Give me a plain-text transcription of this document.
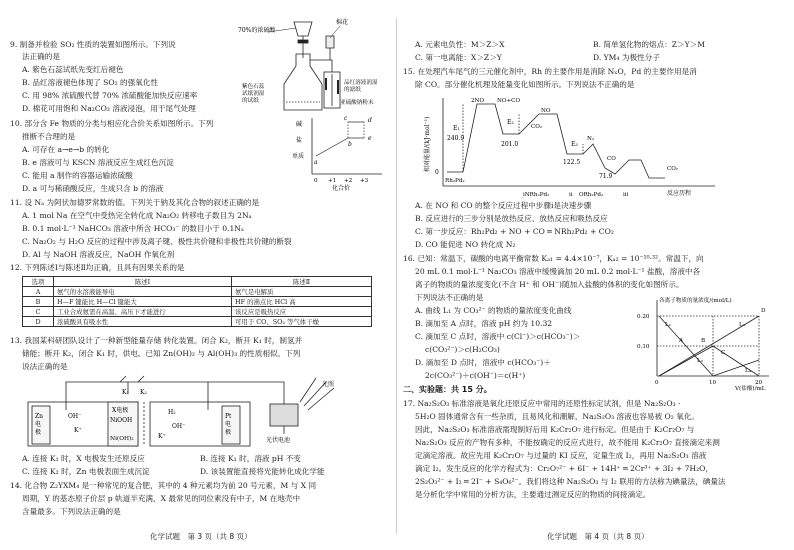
9. 制备并检验 SO₂ 性质的装置如图所示。下列说
法正确的是
A. 紫色石蕊试纸先变红后褪色
B. 品红溶液褪色体现了 SO₂ 的强氧化性
C. 用 98% 浓硫酸代替 70% 浓硫酸能加快反应速率
D. 棉花可用饱和 Na₂CO₃ 溶液浸泡，用于尾气处理
70%的浓硫酸
棉花
紫色石蕊
试纸润湿
的试纸
品红溶液润湿
的滤纸
亚硫酸钠粉末
10. 部分含 Fe 物质的分类与相应化合价关系如图所示。下列
推断不合理的是
A. 可存在 a→e→b 的转化
B. e 溶液可与 KSCN 溶液反应生成红色沉淀
C. 能用 a 制作的容器运输浓硫酸
D. a 可与稀硝酸反应，生成只含 b 的溶液
碱
盐
单质
0 +1 +2 +3
化合价
a
b
c	d
e
11. 设 Nₐ 为阿伏加德罗常数的值。下列关于钠及其化合物的叙述正确的是
A. 1 mol Na 在空气中受热完全转化成 Na₂O₂ 转移电子数目为 2Nₐ
B. 0.1 mol·L⁻¹ NaHCO₃ 溶液中所含 HCO₃⁻ 的数目小于 0.1Nₐ
C. Na₂O₂ 与 H₂O 反应的过程中涉及离子键、极性共价键和非极性共价键的断裂
D. Al 与 NaOH 溶液反应，NaOH 作氧化剂
12. 下列陈述Ⅰ与陈述Ⅱ均正确，且具有因果关系的是
选项	陈述Ⅰ	陈述Ⅱ
A	氨气的水溶液能导电	氨气是电解质
B	H—F 键能比 H—Cl 键能大	HF 的沸点比 HCl 高
C	工业合成氨需在高温、高压下才能进行	该反应是吸热反应
D	浓硫酸具有吸水性	可用于 CO、SO₂ 等气体干燥
13. 我国某科研团队设计了一种新型能量存储 转化装置。闭合 K₂，断开 K₁ 时，制氢并
储能；断开 K₂，闭合 K₁ 时，供电。已知 Zn(OH)₂ 与 Al(OH)₃ 的性质相似。下列
说法正确的是
Zn
电
极
OH⁻
K⁺
X电极
NiOOH
Ni(OH)₂
K₁ K₂
H₂
OH⁻
K⁺
Pt
电
极
光照
光伏电池
A. 连接 K₁ 时，X 电极发生还原反应	B. 连接 K₁ 时，溶液 pH 不变
C. 连接 K₂ 时，Zn 电极表面生成沉淀	D. 该装置能直接将光能转化成化学能
14. 化合物 Z₂YXM₄ 是一种常见的复合肥，其中的 4 种元素均为前 20 号元素，M 与 X 同
周期，Y 的基态原子价层 p 轨道半充满，X 最常见的同位素没有中子，M 在地壳中
含量最多。下列说法正确的是
化学试题　第 3 页（共 8 页）
A. 元素电负性：M＞Z＞X	B. 简单氢化物的熔点：Z＞Y＞M
C. 第一电离能：X＞Z＞Y	D. YM₄ 为极性分子
15. 在处理汽车尾气的三元催化剂中，Rh 的主要作用是消除 NₓO，Pd 的主要作用是消
除 CO。部分催化机理及能量变化如图所示。下列说法不正确的是
相对能量/(kJ·mol⁻¹)
反应历程
E₁
240.9
E₂
201.0	E₃
122.5
71.9
0
Rh₂Pd₂
2NO NO+CO
CO₂
NO
N₂
CO
ⅰNRh₂Pd₂	ⅱ ORh₂Pd₂	ⅲ
CO₂
A. 在 NO 和 CO 的整个反应过程中步骤ⅰ是决速步骤
B. 反应进行的三步分别是放热反应、放热反应和吸热反应
C. 第一步反应：Rh₂Pd₂ + NO + CO ═ NRh₂Pd₂ + CO₂
D. CO 能促进 NO 转化成 N₂
16. 已知：常温下，碳酸的电离平衡常数 Kₐ₁ = 4.4×10⁻⁷，Kₐ₂ = 10⁻¹⁰·³²。常温下，向
20 mL 0.1 mol·L⁻¹ Na₂CO₃ 溶液中缓慢滴加 20 mL 0.2 mol·L⁻¹ 盐酸，溶液中各
离子的物质的量浓度变化(不含 H⁺ 和 OH⁻)随加入盐酸的体积的变化如图所示。
下列说法不正确的是
A. 曲线 L₁ 为 CO₃²⁻ 的物质的量浓度变化曲线
B. 滴加至 A 点时，溶液 pH 约为 10.32
C. 滴加至 C 点时，溶液中 c(Cl⁻)＞c(HCO₃⁻)＞
　 c(CO₃²⁻)＞c(H₂CO₃)
D. 滴加至 D 点时，溶液中 c(HCO₃⁻)＋
　 2c(CO₃²⁻)＋c(OH⁻)＝c(H⁺)
各离子物质的量浓度/(mol/L)
V(盐酸)/mL
0.20
0.10
0	10	20
L₁
L₂
L₃
L₄
A	B
C
D
二、实验题：共 15 分。
17. Na₂S₂O₃ 标准溶液是氧化还原反应中常用的还原性标定试剂，但是 Na₂S₂O₃ ·
5H₂O 固体通常含有一些杂质，且易风化和潮解，Na₂S₂O₃ 溶液也容易被 O₂ 氧化。
因此，Na₂S₂O₃ 标准溶液需现制好后用 K₂Cr₂O₇ 进行标定。但是由于 K₂Cr₂O₇ 与
Na₂S₂O₃ 反应的产物有多种，不能按确定的反应式进行，故不能用 K₂Cr₂O₇ 直接滴定来测
定滴定溶液。故应先用 K₂Cr₂O₇ 与过量的 KI 反应，定量生成 I₂，再用 Na₂S₂O₃ 溶液
滴定 I₂。发生反应的化学方程式为：Cr₂O₇²⁻ + 6I⁻ + 14H⁺ ═ 2Cr³⁺ + 3I₂ + 7H₂O，
2S₂O₃²⁻ + I₂ ═ 2I⁻ + S₄O₆²⁻。我们将这种 Na₂S₂O₃ 与 I₂ 联用的方法称为碘量法，碘量法
是分析化学中常用的分析方法，主要通过测定反应的物质的间接滴定。
化学试题　第 4 页（共 8 页）
